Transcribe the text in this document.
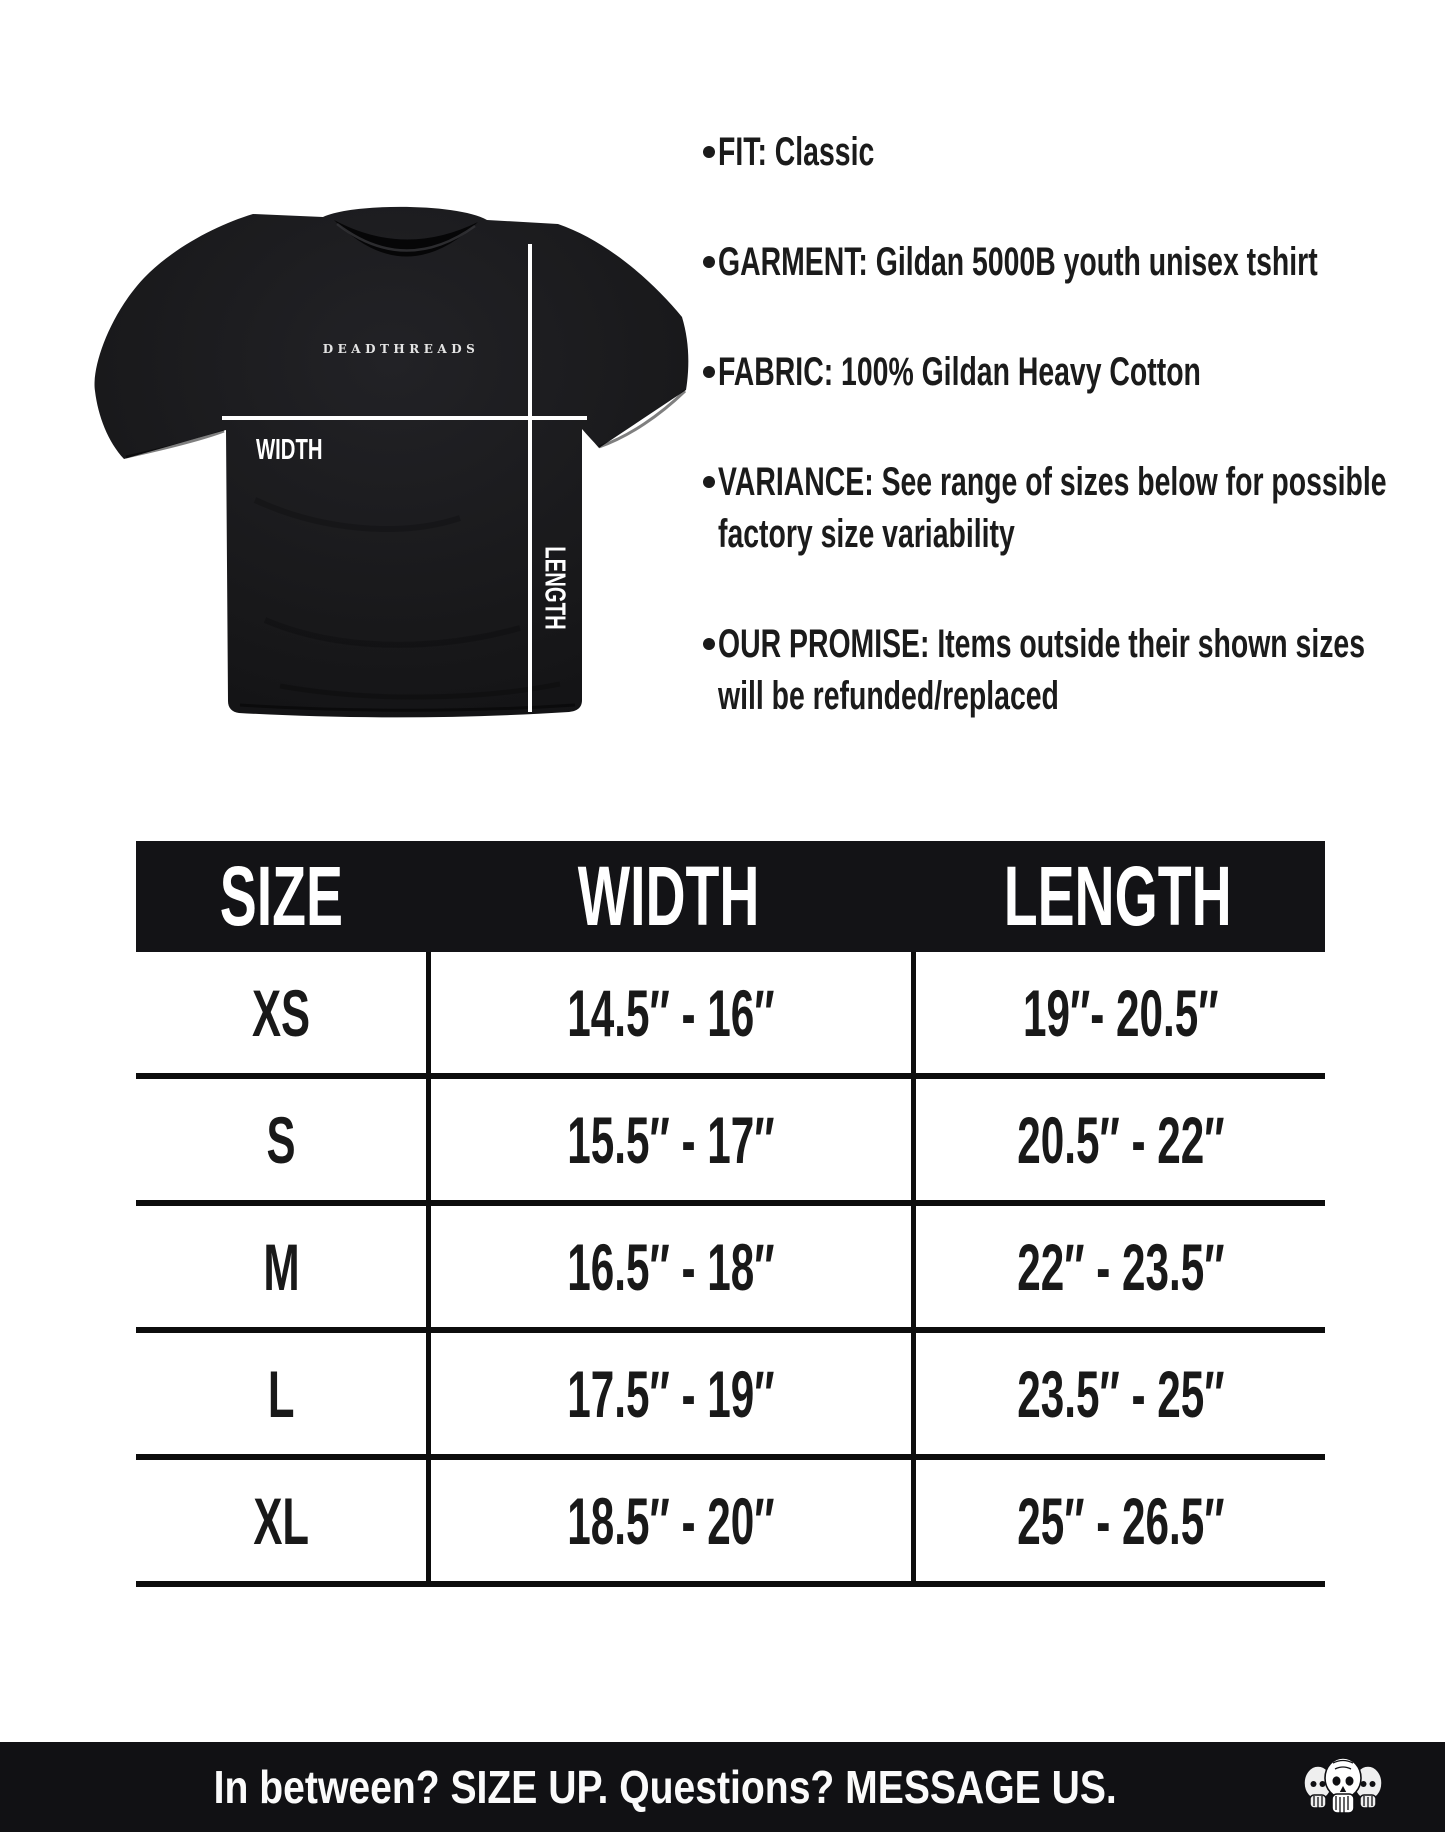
DEADTHREADS
WIDTH
LENGTH
FIT: Classic
GARMENT: Gildan 5000B youth unisex tshirt
FABRIC: 100% Gildan Heavy Cotton
VARIANCE: See range of sizes below for possible
factory size variability
OUR PROMISE: Items outside their shown sizes
will be refunded/replaced
SIZE	WIDTH	LENGTH
XS	14.5″ - 16″	19″- 20.5″
S	15.5″ - 17″	20.5″ - 22″
M	16.5″ - 18″	22″ - 23.5″
L	17.5″ - 19″	23.5″ - 25″
XL	18.5″ - 20″	25″ - 26.5″
In between? SIZE UP. Questions? MESSAGE US.
